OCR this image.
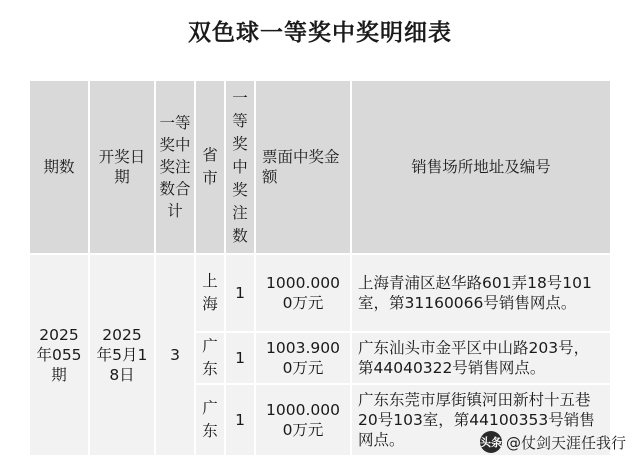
双色球一等奖中奖明细表
期数	开奖日期	一等奖中奖注数合计	省市	一等奖中奖注数	票面中奖金额	销售场所地址及编号

2025年055期	2025年5月18日	3	上海	1	1000.0000万元	上海青浦区赵华路601弄18号101室，第31160066号销售网点。

			广东	1	1003.9000万元	广东汕头市金平区中山路203号，第44040322号销售网点。

			广东	1	1000.0000万元	广东东莞市厚街镇河田新村十五巷20号103室，第44100353号销售网点。	头条 @仗剑天涯任我行
